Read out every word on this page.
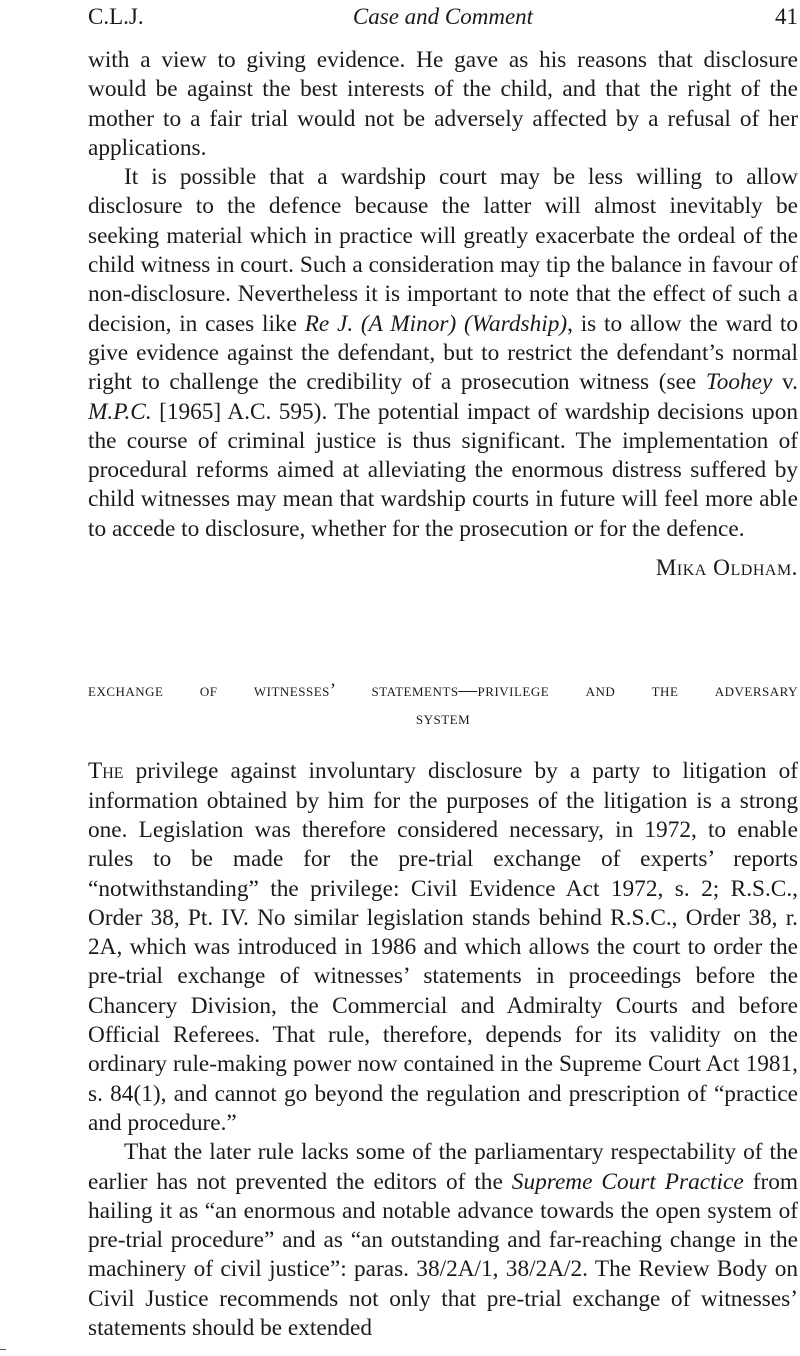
C.L.J.	Case and Comment	41

with a view to giving evidence. He gave as his reasons that disclosure would be against the best interests of the child, and that the right of the mother to a fair trial would not be adversely affected by a refusal of her applications.

It is possible that a wardship court may be less willing to allow disclosure to the defence because the latter will almost inevitably be seeking material which in practice will greatly exacerbate the ordeal of the child witness in court. Such a consideration may tip the balance in favour of non-disclosure. Nevertheless it is important to note that the effect of such a decision, in cases like Re J. (A Minor) (Wardship), is to allow the ward to give evidence against the defendant, but to restrict the defendant’s normal right to challenge the credibility of a prosecution witness (see Toohey v. M.P.C. [1965] A.C. 595). The potential impact of wardship decisions upon the course of criminal justice is thus significant. The implementation of procedural reforms aimed at alleviating the enormous distress suffered by child witnesses may mean that wardship courts in future will feel more able to accede to disclosure, whether for the prosecution or for the defence.

Mika Oldham.

exchange of witnesses’ statements—privilege and the adversary
system

The privilege against involuntary disclosure by a party to litigation of information obtained by him for the purposes of the litigation is a strong one. Legislation was therefore considered necessary, in 1972, to enable rules to be made for the pre-trial exchange of experts’ reports “notwithstanding” the privilege: Civil Evidence Act 1972, s. 2; R.S.C., Order 38, Pt. IV. No similar legislation stands behind R.S.C., Order 38, r. 2A, which was introduced in 1986 and which allows the court to order the pre-trial exchange of witnesses’ statements in proceedings before the Chancery Division, the Commercial and Admiralty Courts and before Official Referees. That rule, therefore, depends for its validity on the ordinary rule-making power now contained in the Supreme Court Act 1981, s. 84(1), and cannot go beyond the regulation and prescription of “practice and procedure.”

That the later rule lacks some of the parliamentary respectability of the earlier has not prevented the editors of the Supreme Court Practice from hailing it as “an enormous and notable advance towards the open system of pre-trial procedure” and as “an outstanding and far-reaching change in the machinery of civil justice”: paras. 38/2A/1, 38/2A/2. The Review Body on Civil Justice recommends not only that pre-trial exchange of witnesses’ statements should be extended
